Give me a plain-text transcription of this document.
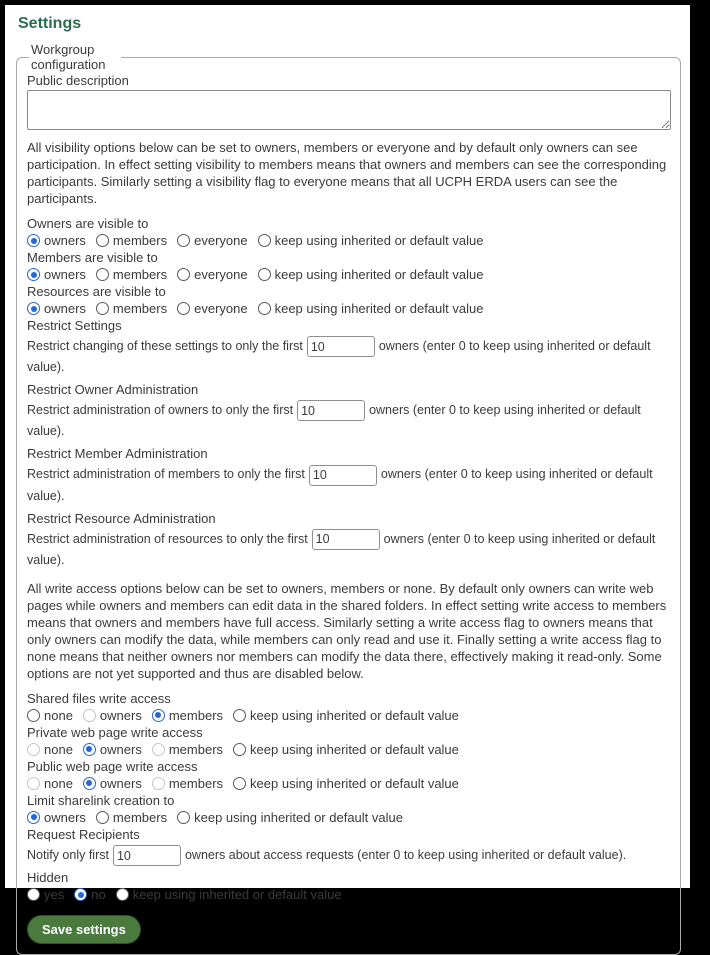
Settings
Workgroup configuration
Public description
All visibility options below can be set to owners, members or everyone and by default only owners can see participation. In effect setting visibility to members means that owners and members can see the corresponding participants. Similarly setting a visibility flag to everyone means that all UCPH ERDA users can see the participants.
Owners are visible to
owners members everyone keep using inherited or default value
Members are visible to
owners members everyone keep using inherited or default value
Resources are visible to
owners members everyone keep using inherited or default value
Restrict Settings
Restrict changing of these settings to only the first10	owners (enter 0 to keep using inherited or default value).
Restrict Owner Administration
Restrict administration of owners to only the first10	owners (enter 0 to keep using inherited or default value).
Restrict Member Administration
Restrict administration of members to only the first10	owners (enter 0 to keep using inherited or default value).
Restrict Resource Administration
Restrict administration of resources to only the first10	owners (enter 0 to keep using inherited or default value).
All write access options below can be set to owners, members or none. By default only owners can write web pages while owners and members can edit data in the shared folders. In effect setting write access to members means that owners and members have full access. Similarly setting a write access flag to owners means that only owners can modify the data, while members can only read and use it. Finally setting a write access flag to none means that neither owners nor members can modify the data there, effectively making it read-only. Some options are not yet supported and thus are disabled below.
Shared files write access
none owners members keep using inherited or default value
Private web page write access
none owners members keep using inherited or default value
Public web page write access
none owners members keep using inherited or default value
Limit sharelink creation to
owners members keep using inherited or default value
Request Recipients
Notify only first10	owners about access requests (enter 0 to keep using inherited or default value).
Hidden
yes no keep using inherited or default value
Save settings
